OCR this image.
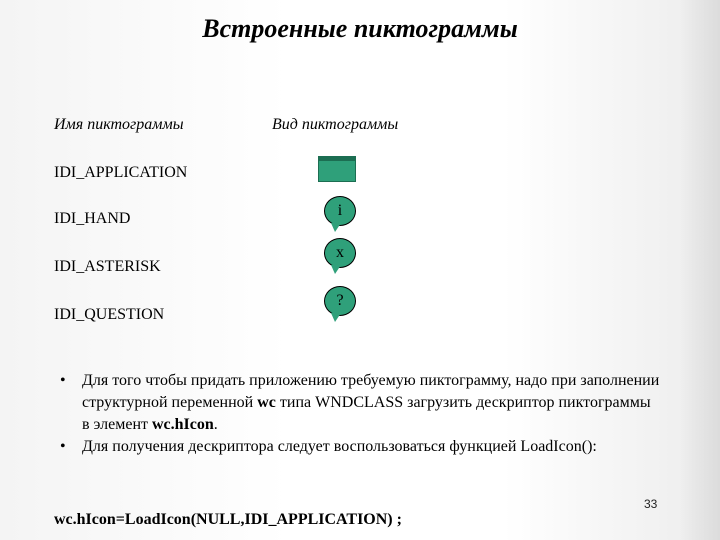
Встроенные пиктограммы
Имя пиктограммы	Вид пиктограммы
IDI_APPLICATION
IDI_HAND
IDI_ASTERISK
IDI_QUESTION
i
x
?
• Для того чтобы придать приложению требуемую пиктограмму, надо при заполнении структурной переменной wc типа WNDCLASS загрузить дескриптор пиктограммы в элемент wc.hIcon.
• Для получения дескриптора следует воспользоваться функцией LoadIcon():
33
wc.hIcon=LoadIcon(NULL,IDI_APPLICATION) ;
